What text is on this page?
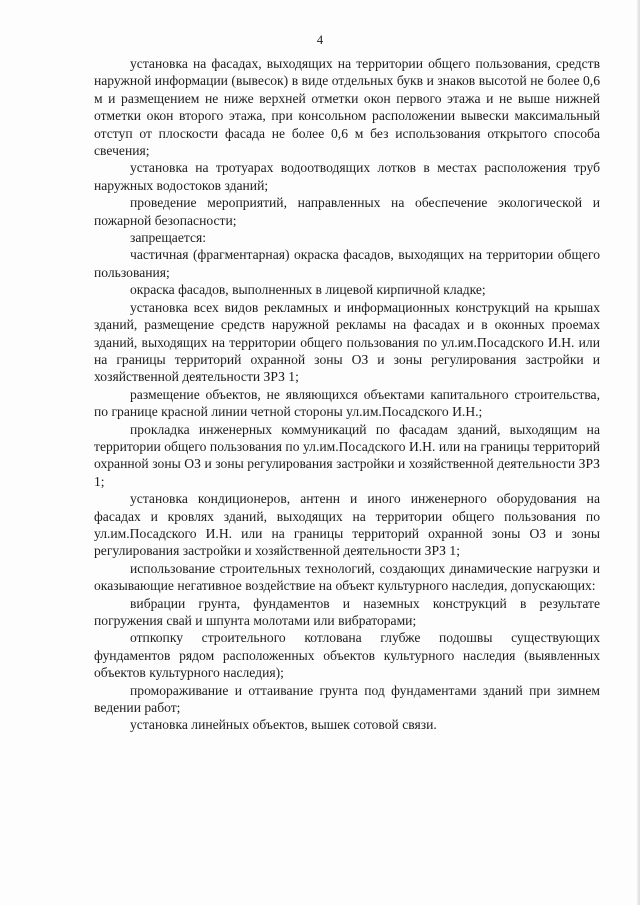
4

установка на фасадах, выходящих на территории общего пользования, средств наружной информации (вывесок) в виде отдельных букв и знаков высотой не более 0,6 м и размещением не ниже верхней отметки окон первого этажа и не выше нижней отметки окон второго этажа, при консольном расположении вывески максимальный отступ от плоскости фасада не более 0,6 м без использования открытого способа свечения;

установка на тротуарах водоотводящих лотков в местах расположения труб наружных водостоков зданий;

проведение мероприятий, направленных на обеспечение экологической и пожарной безопасности;

запрещается:

частичная (фрагментарная) окраска фасадов, выходящих на территории общего пользования;

окраска фасадов, выполненных в лицевой кирпичной кладке;

установка всех видов рекламных и информационных конструкций на крышах зданий, размещение средств наружной рекламы на фасадах и в оконных проемах зданий, выходящих на территории общего пользования по ул.им.Посадского И.Н. или на границы территорий охранной зоны ОЗ и зоны регулирования застройки и хозяйственной деятельности ЗРЗ 1;

размещение объектов, не являющихся объектами капитального строительства, по границе красной линии четной стороны ул.им.Посадского И.Н.;

прокладка инженерных коммуникаций по фасадам зданий, выходящим на территории общего пользования по ул.им.Посадского И.Н. или на границы территорий охранной зоны ОЗ и зоны регулирования застройки и хозяйственной деятельности ЗРЗ 1;

установка кондиционеров, антенн и иного инженерного оборудования на фасадах и кровлях зданий, выходящих на территории общего пользования по ул.им.Посадского И.Н. или на границы территорий охранной зоны ОЗ и зоны регулирования застройки и хозяйственной деятельности ЗРЗ 1;

использование строительных технологий, создающих динамические нагрузки и оказывающие негативное воздействие на объект культурного наследия, допускающих:

вибрации грунта, фундаментов и наземных конструкций в результате погружения свай и шпунта молотами или вибраторами;

отпкопку строительного котлована глубже подошвы существующих фундаментов рядом расположенных объектов культурного наследия (выявленных объектов культурного наследия);

промораживание и оттаивание грунта под фундаментами зданий при зимнем ведении работ;

установка линейных объектов, вышек сотовой связи.
